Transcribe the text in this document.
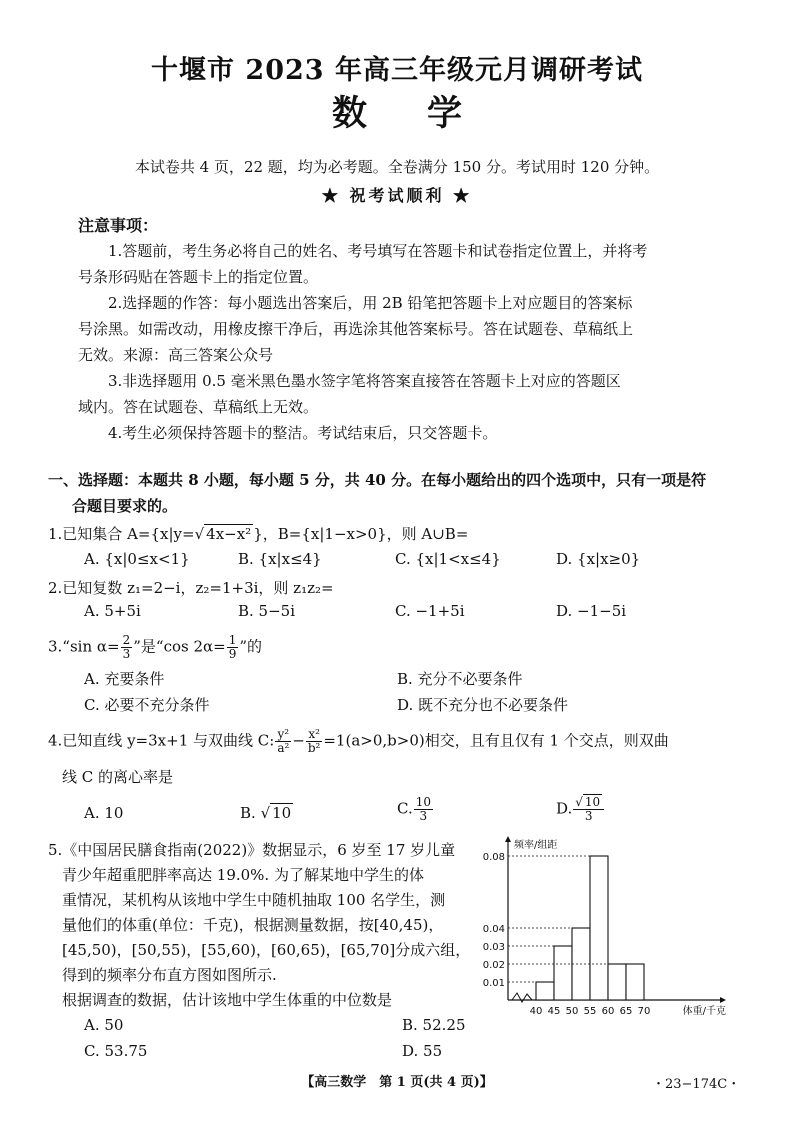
十堰市 2023 年高三年级元月调研考试
数学
本试卷共 4 页，22 题，均为必考题。全卷满分 150 分。考试用时 120 分钟。
★ 祝考试顺利 ★
注意事项：
1.答题前，考生务必将自己的姓名、考号填写在答题卡和试卷指定位置上，并将考
号条形码贴在答题卡上的指定位置。
2.选择题的作答：每小题选出答案后，用 2B 铅笔把答题卡上对应题目的答案标
号涂黑。如需改动，用橡皮擦干净后，再选涂其他答案标号。答在试题卷、草稿纸上
无效。来源：高三答案公众号
3.非选择题用 0.5 毫米黑色墨水签字笔将答案直接答在答题卡上对应的答题区
域内。答在试题卷、草稿纸上无效。
4.考生必须保持答题卡的整洁。考试结束后，只交答题卡。
一、选择题：本题共 8 小题，每小题 5 分，共 40 分。在每小题给出的四个选项中，只有一项是符
合题目要求的。
1.已知集合 A={x|y=√ 4x−x² }，B={x|1−x>0}，则 A∪B=
A. {x|0≤x<1}	B. {x|x≤4}	C. {x|1<x≤4}	D. {x|x≥0}
2.已知复数 z₁=2−i，z₂=1+3i，则 z₁z₂=
A. 5+5i	B. 5−5i	C. −1+5i	D. −1−5i
3.“sin $\alpha= \frac{2}{3}$ ”是“cos $2\alpha= \frac{1}{9}$ ”的
A. 充要条件	B. 充分不必要条件
C. 必要不充分条件	D. 既不充分也不必要条件
4.已知直线 y=3x+1 与双曲线 C: $\frac{\text{y²}}{\text{a²}} - \frac{\text{x²}}{\text{b²}} =1(a>0,b>0)$相交，且有且仅有 1 个交点，则双曲
线 C 的离心率是
A. 10	B. √ 10	C. $\frac{10}{3}$	D. $\frac{√ 10}{3}$
5.《中国居民膳食指南(2022)》数据显示，6 岁至 17 岁儿童
青少年超重肥胖率高达 19.0%. 为了解某地中学生的体
重情况，某机构从该地中学生中随机抽取 100 名学生，测
量他们的体重(单位：千克)，根据测量数据，按[40,45)，
[45,50)，[50,55)，[55,60)，[60,65)，[65,70]分成六组，
得到的频率分布直方图如图所示.
根据调查的数据，估计该地中学生体重的中位数是
A. 50	B. 52.25
C. 53.75	D. 55
0.01
0.02
0.03
0.04
0.08
40 45 50 55 60 65 70
频率/组距
体重/千克
【高三数学　第 1 页(共 4 页)】	・23−174C・
